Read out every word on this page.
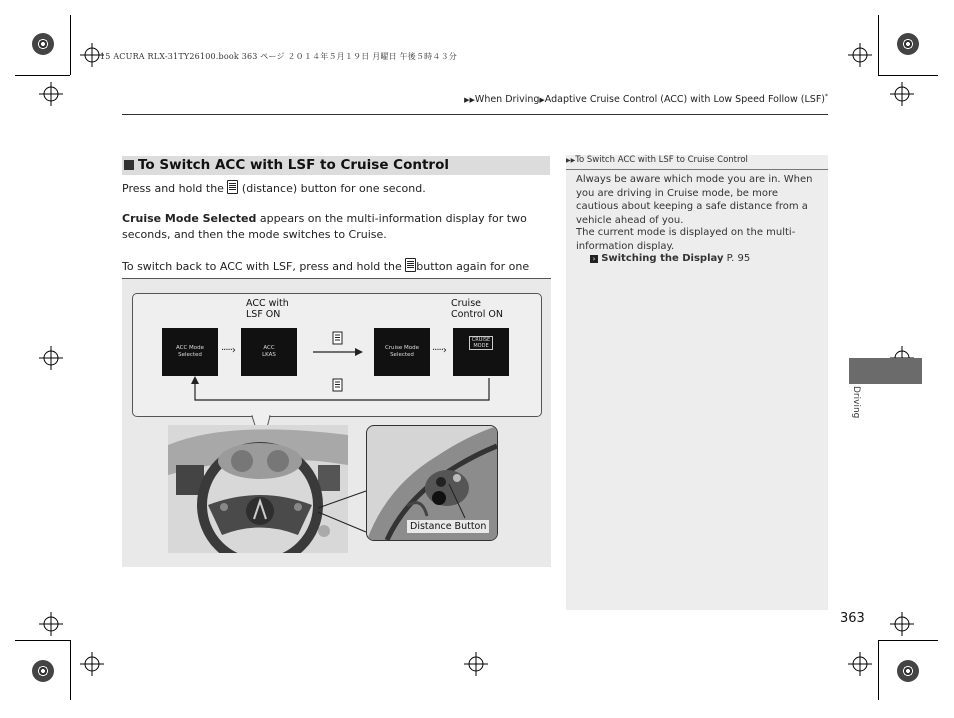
15 ACURA RLX-31TY26100.book 363 ページ ２０１４年５月１９日 月曜日 午後５時４３分
▶▶When Driving▶Adaptive Cruise Control (ACC) with Low Speed Follow (LSF)*
To Switch ACC with LSF to Cruise Control
Press and hold the  (distance) button for one second.
Cruise Mode Selected appears on the multi-information display for two seconds, and then the mode switches to Cruise.
To switch back to ACC with LSF, press and hold the button again for one
ACC with
LSF ON
Cruise
Control ON
ACC Mode
Selected	·····›	ACC
LKAS
Cruise Mode
Selected	·····›
CRUISE
MODE
Distance Button
▶▶To Switch ACC with LSF to Cruise Control
Always be aware which mode you are in. When you are driving in Cruise mode, be more cautious about keeping a safe distance from a vehicle ahead of you.
The current mode is displayed on the multi-information display.
› Switching the Display P. 95
Driving
363
